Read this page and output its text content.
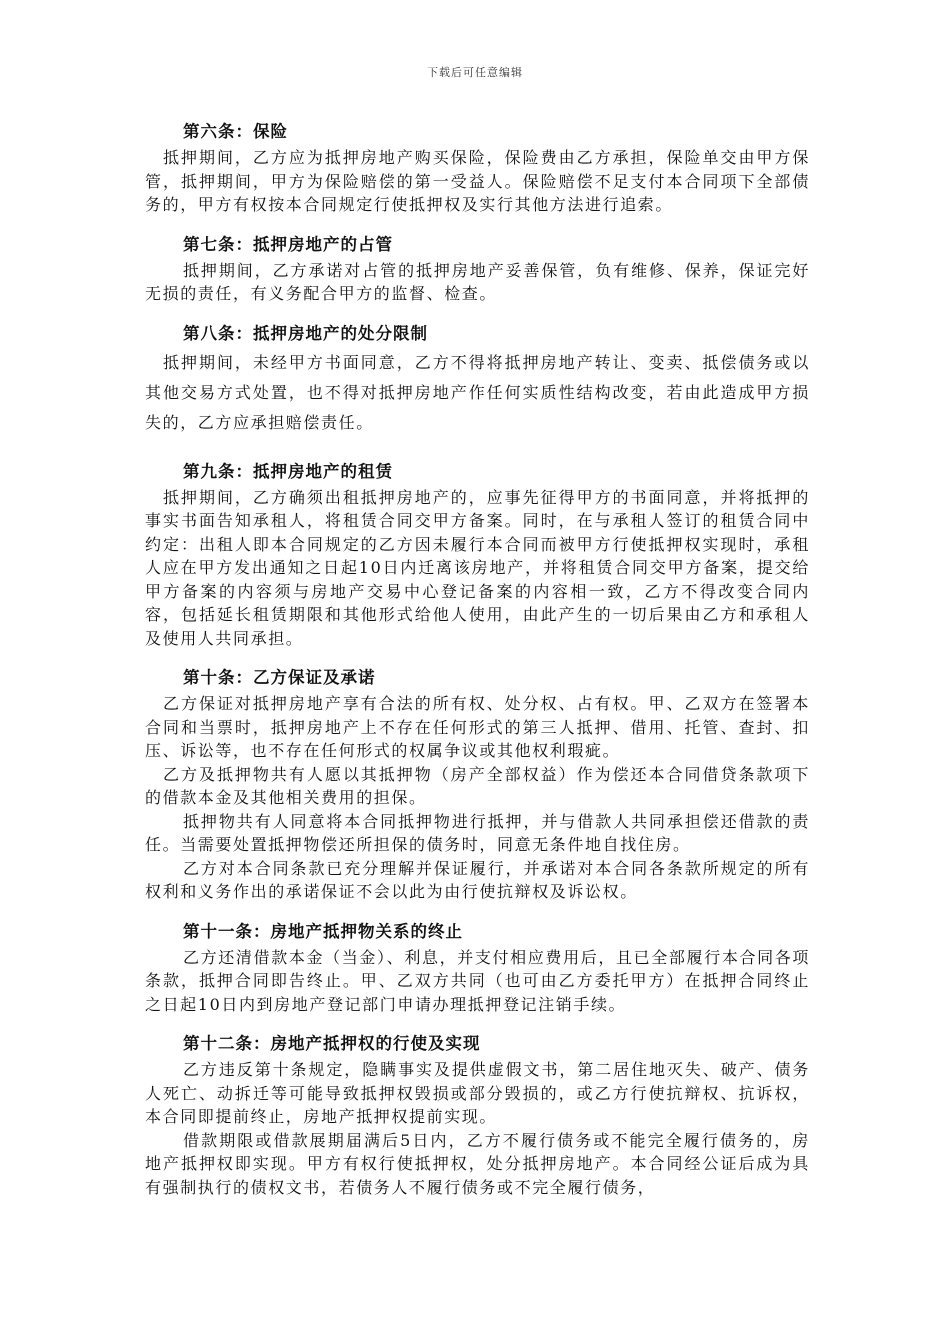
下载后可任意编辑

第六条：保险

抵押期间，乙方应为抵押房地产购买保险，保险费由乙方承担，保险单交由甲方保管，抵押期间，甲方为保险赔偿的第一受益人。保险赔偿不足支付本合同项下全部债务的，甲方有权按本合同规定行使抵押权及实行其他方法进行追索。

第七条：抵押房地产的占管

抵押期间，乙方承诺对占管的抵押房地产妥善保管，负有维修、保养，保证完好无损的责任，有义务配合甲方的监督、检查。

第八条：抵押房地产的处分限制

抵押期间，未经甲方书面同意，乙方不得将抵押房地产转让、变卖、抵偿债务或以其他交易方式处置，也不得对抵押房地产作任何实质性结构改变，若由此造成甲方损失的，乙方应承担赔偿责任。

第九条：抵押房地产的租赁

抵押期间，乙方确须出租抵押房地产的，应事先征得甲方的书面同意，并将抵押的事实书面告知承租人，将租赁合同交甲方备案。同时，在与承租人签订的租赁合同中约定：出租人即本合同规定的乙方因未履行本合同而被甲方行使抵押权实现时，承租人应在甲方发出通知之日起10日内迁离该房地产，并将租赁合同交甲方备案，提交给甲方备案的内容须与房地产交易中心登记备案的内容相一致，乙方不得改变合同内容，包括延长租赁期限和其他形式给他人使用，由此产生的一切后果由乙方和承租人及使用人共同承担。

第十条：乙方保证及承诺

乙方保证对抵押房地产享有合法的所有权、处分权、占有权。甲、乙双方在签署本合同和当票时，抵押房地产上不存在任何形式的第三人抵押、借用、托管、查封、扣压、诉讼等，也不存在任何形式的权属争议或其他权利瑕疵。

乙方及抵押物共有人愿以其抵押物（房产全部权益）作为偿还本合同借贷条款项下的借款本金及其他相关费用的担保。

抵押物共有人同意将本合同抵押物进行抵押，并与借款人共同承担偿还借款的责任。当需要处置抵押物偿还所担保的债务时，同意无条件地自找住房。

乙方对本合同条款已充分理解并保证履行，并承诺对本合同各条款所规定的所有权利和义务作出的承诺保证不会以此为由行使抗辩权及诉讼权。

第十一条：房地产抵押物关系的终止

乙方还清借款本金（当金）、利息，并支付相应费用后，且已全部履行本合同各项条款，抵押合同即告终止。甲、乙双方共同（也可由乙方委托甲方）在抵押合同终止之日起10日内到房地产登记部门申请办理抵押登记注销手续。

第十二条：房地产抵押权的行使及实现

乙方违反第十条规定，隐瞒事实及提供虚假文书，第二居住地灭失、破产、债务人死亡、动拆迁等可能导致抵押权毁损或部分毁损的，或乙方行使抗辩权、抗诉权，本合同即提前终止，房地产抵押权提前实现。

借款期限或借款展期届满后5日内，乙方不履行债务或不能完全履行债务的，房地产抵押权即实现。甲方有权行使抵押权，处分抵押房地产。本合同经公证后成为具有强制执行的债权文书，若债务人不履行债务或不完全履行债务，
